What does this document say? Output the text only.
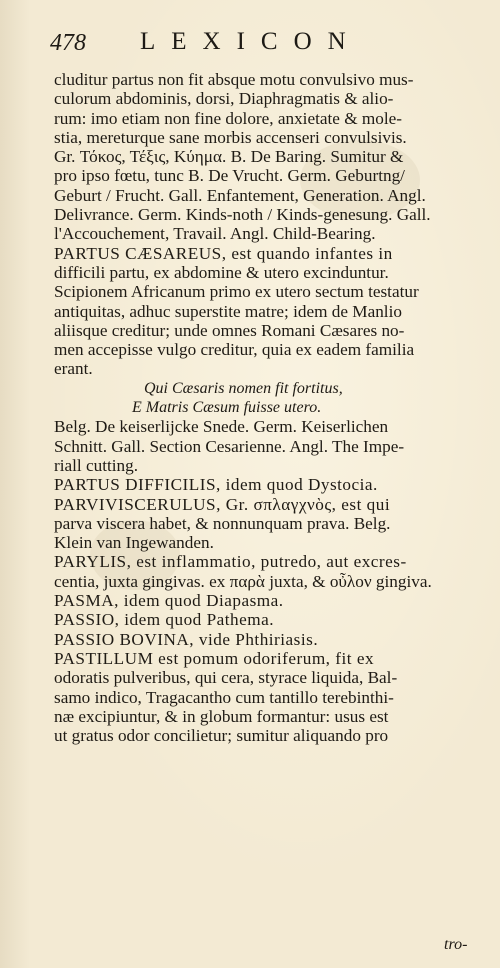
478 LEXICON
cluditur partus non fit absque motu convulsivo mus-
culorum abdominis, dorsi, Diaphragmatis & alio-
rum: imo etiam non fine dolore, anxietate & mole-
stia, mereturque sane morbis accenseri convulsivis.
Gr. Τόκος, Τέξις, Κύημα. B. De Baring. Sumitur &
pro ipso fœtu, tunc B. De Vrucht. Germ. Geburtng/
Geburt / Frucht. Gall. Enfantement, Generation. Angl.
Delivrance. Germ. Kinds-noth / Kinds-genesung. Gall.
l'Accouchement, Travail. Angl. Child-Bearing.
PARTUS CÆSAREUS, est quando infantes in
difficili partu, ex abdomine & utero excinduntur.
Scipionem Africanum primo ex utero sectum testatur
antiquitas, adhuc superstite matre; idem de Manlio
aliisque creditur; unde omnes Romani Cæsares no-
men accepisse vulgo creditur, quia ex eadem familia
erant.
Qui Cæsaris nomen fit fortitus,
E Matris Cæsum fuisse utero.
Belg. De keiserlijcke Snede. Germ. Keiserlichen
Schnitt. Gall. Section Cesarienne. Angl. The Impe-
riall cutting.
PARTUS DIFFICILIS, idem quod Dystocia.
PARVIVISCERULUS, Gr. σπλαγχνὸς, est qui
parva viscera habet, & nonnunquam prava. Belg.
Klein van Ingewanden.
PARYLIS, est inflammatio, putredo, aut excres-
centia, juxta gingivas. ex παρὰ juxta, & οὖλον gingiva.
PASMA, idem quod Diapasma.
PASSIO, idem quod Pathema.
PASSIO BOVINA, vide Phthiriasis.
PASTILLUM est pomum odoriferum, fit ex
odoratis pulveribus, qui cera, styrace liquida, Bal-
samo indico, Tragacantho cum tantillo terebinthi-
næ excipiuntur, & in globum formantur: usus est
ut gratus odor concilietur; sumitur aliquando pro
tro-
